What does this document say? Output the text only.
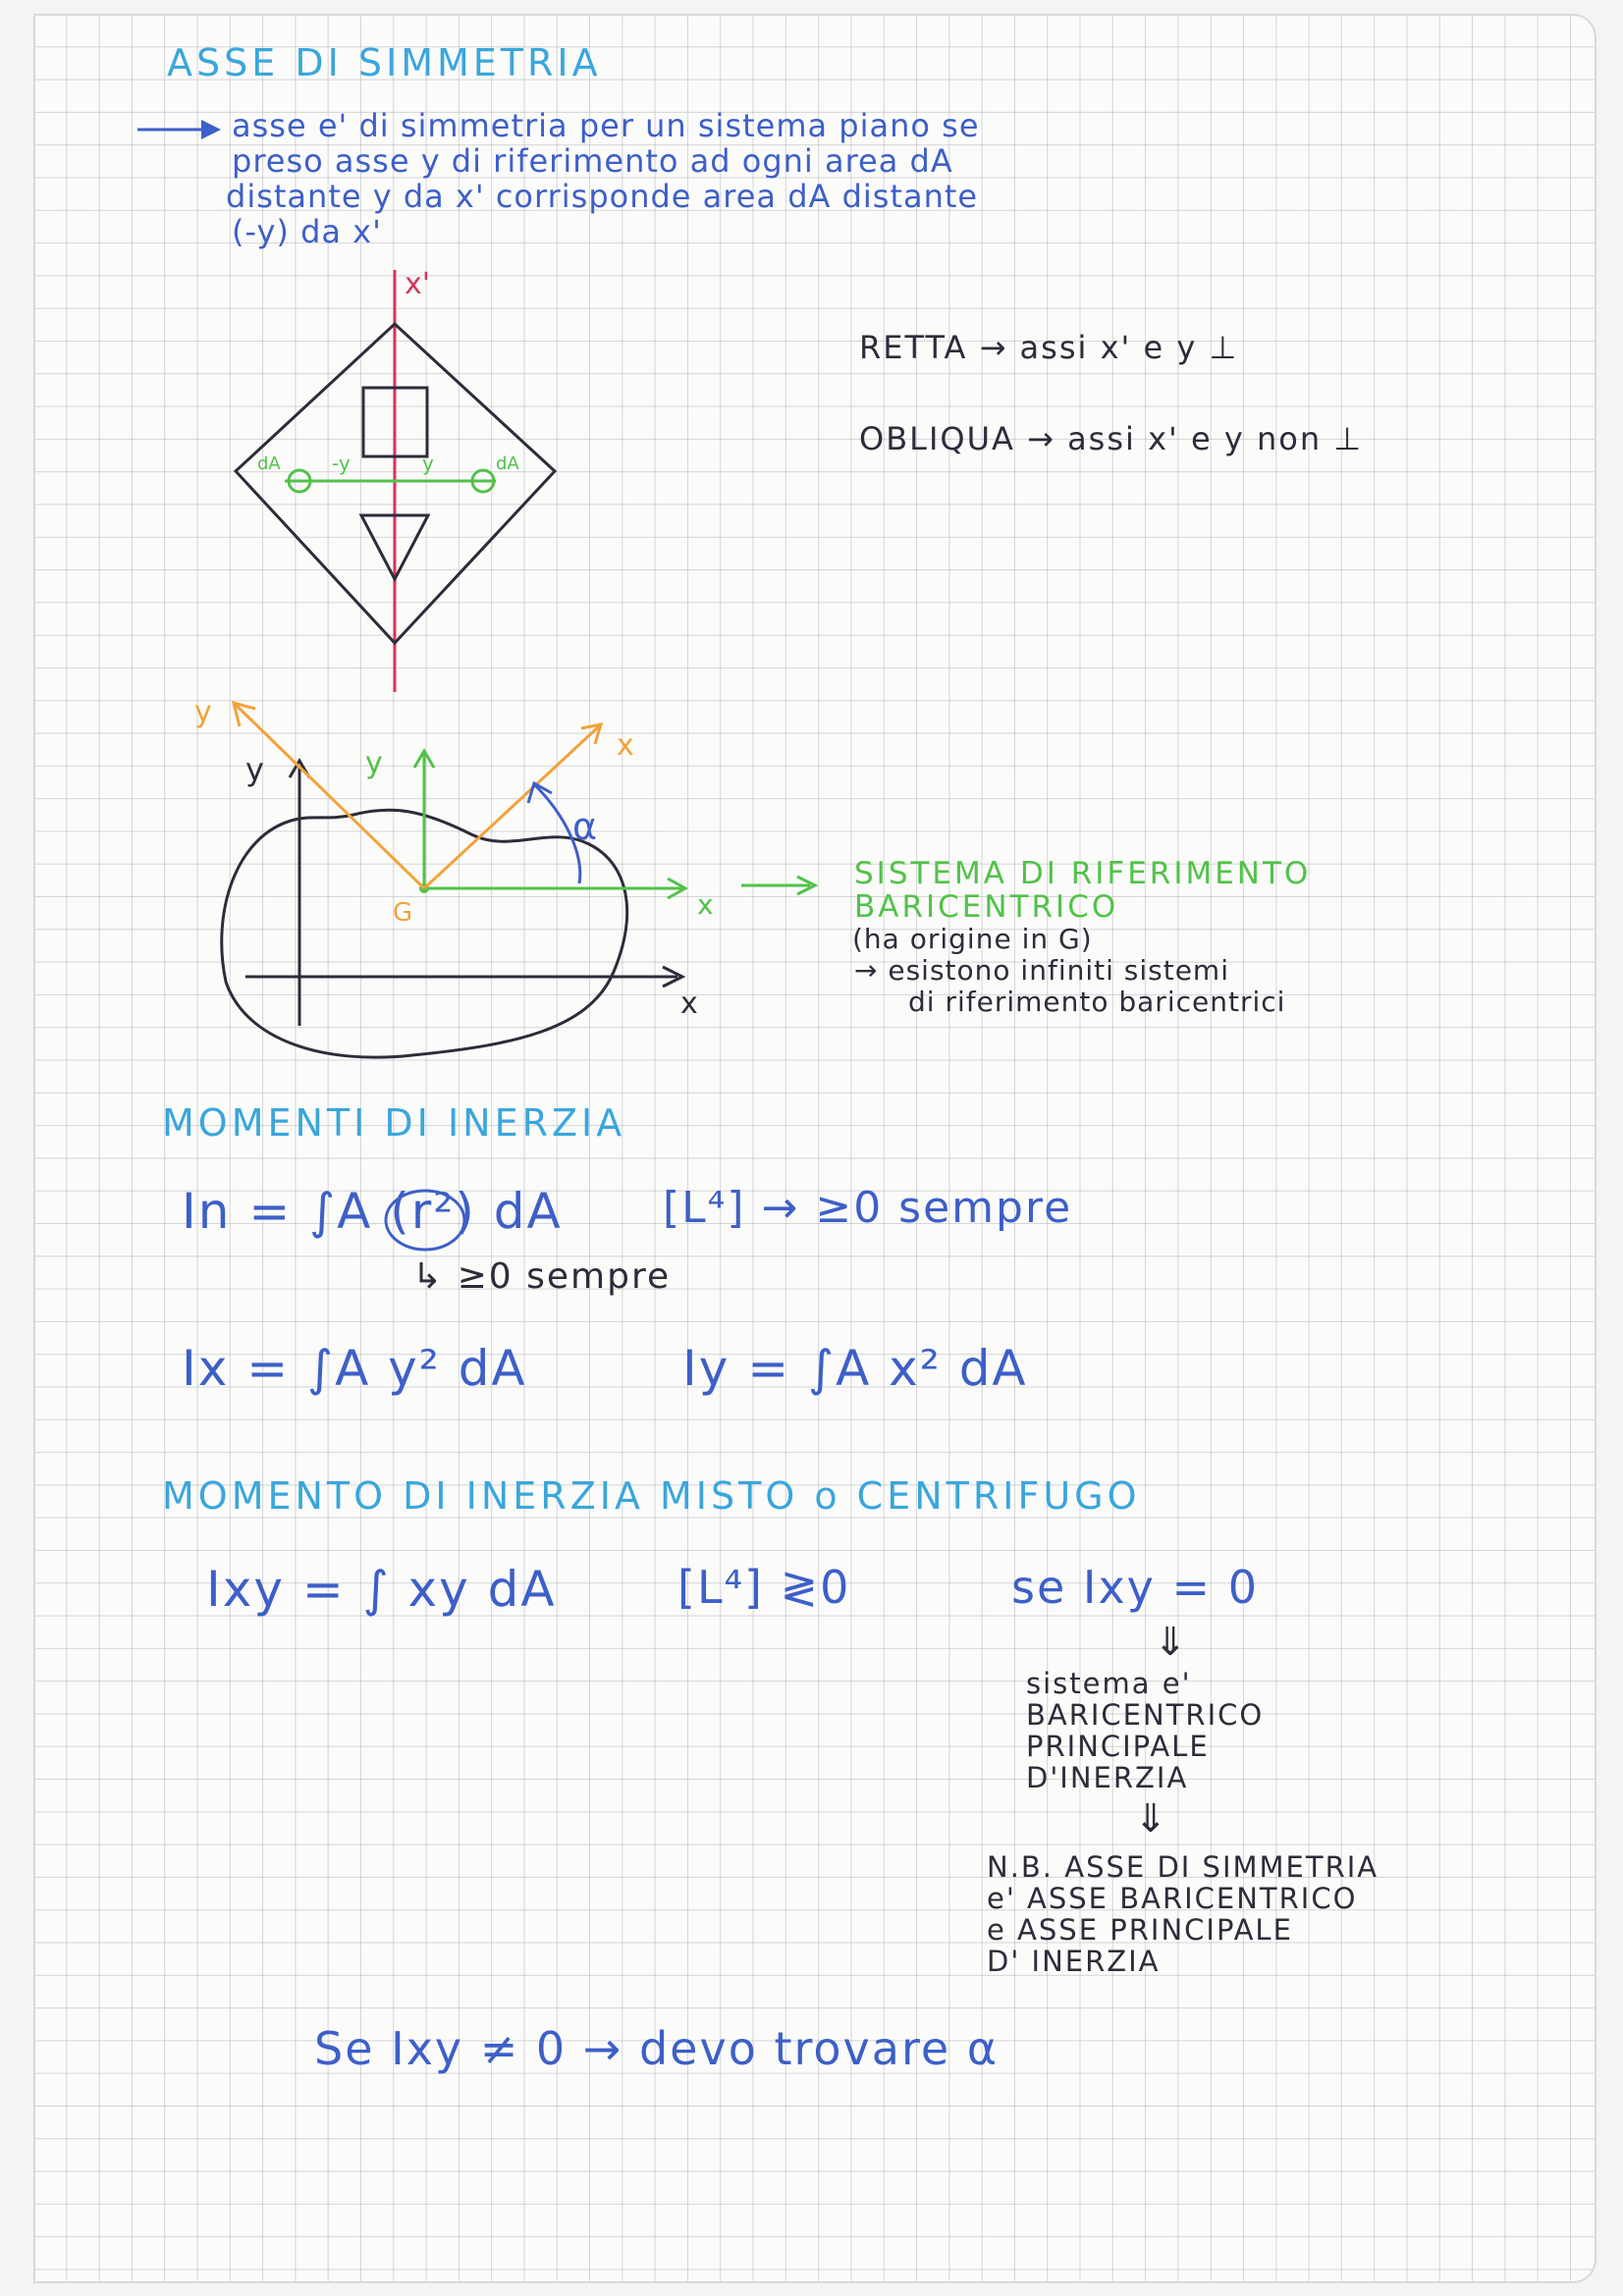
ASSE DI SIMMETRIA
asse e' di simmetria per un sistema piano se
preso asse y di riferimento ad ogni area dA
distante y da x' corrisponde area dA distante
(-y) da x'
x'
-y	y
dA	dA
RETTA → assi x' e y ⊥
OBLIQUA → assi x' e y non ⊥
y
x
y
x
y
x
G
α
SISTEMA DI RIFERIMENTO
BARICENTRICO
(ha origine in G)
→ esistono infiniti sistemi
di riferimento baricentrici
MOMENTI DI INERZIA
In = ∫A (r²) dA [L⁴] → ≥0 sempre
↳ ≥0 sempre
Ix = ∫A y² dA	Iy = ∫A x² dA
MOMENTO DI INERZIA MISTO o CENTRIFUGO
Ixy = ∫ xy dA	[L⁴] ≷0	se Ixy = 0
⇓
sistema e'
BARICENTRICO
PRINCIPALE
D'INERZIA
⇓
N.B. ASSE DI SIMMETRIA
e' ASSE BARICENTRICO
e ASSE PRINCIPALE
D' INERZIA
Se Ixy ≠ 0 → devo trovare α
